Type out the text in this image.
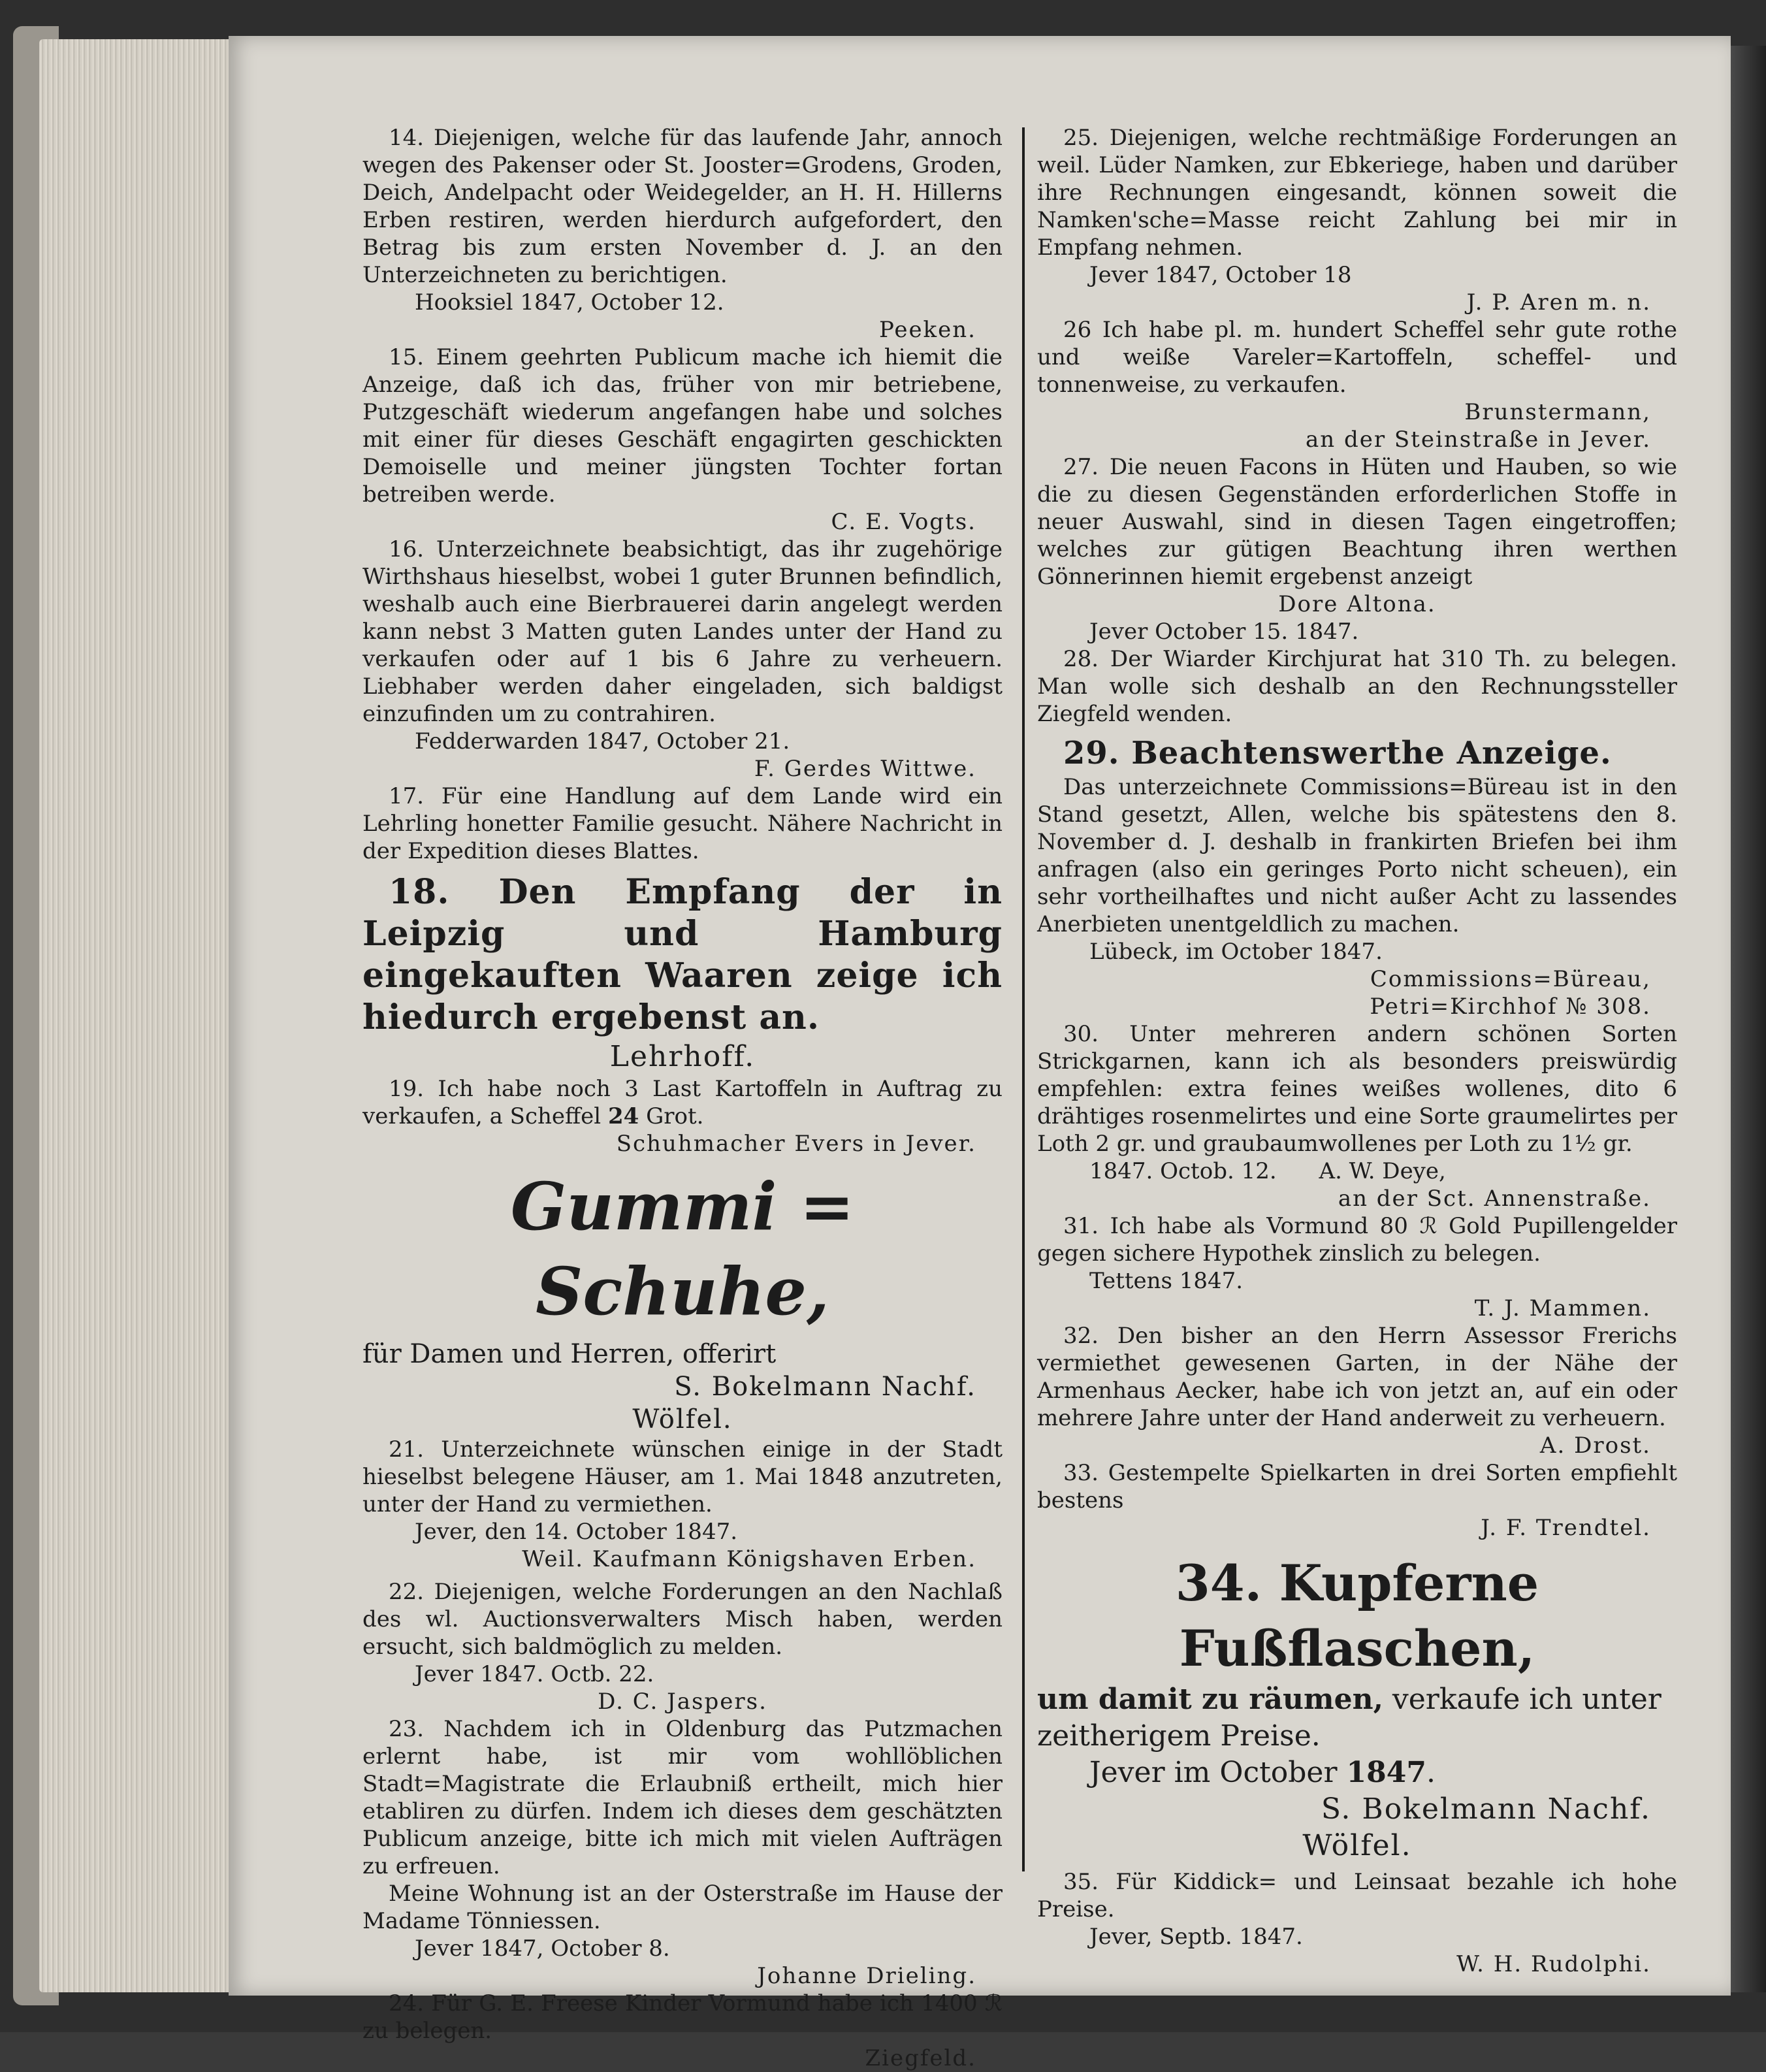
14. Diejenigen, welche für das laufende Jahr, annoch wegen des Pakenser oder St. Jooster=Grodens, Groden, Deich, Andelpacht oder Weidegelder, an H. H. Hillerns Erben restiren, werden hierdurch aufgefordert, den Betrag bis zum ersten November d. J. an den Unterzeichneten zu berichtigen.

Hooksiel 1847, October 12.

Peeken.

15. Einem geehrten Publicum mache ich hiemit die Anzeige, daß ich das, früher von mir betriebene, Putzgeschäft wiederum angefangen habe und solches mit einer für dieses Geschäft engagirten geschickten Demoiselle und meiner jüngsten Tochter fortan betreiben werde.

C. E. Vogts.

16. Unterzeichnete beabsichtigt, das ihr zugehörige Wirthshaus hieselbst, wobei 1 guter Brunnen befindlich, weshalb auch eine Bierbrauerei darin angelegt werden kann nebst 3 Matten guten Landes unter der Hand zu verkaufen oder auf 1 bis 6 Jahre zu verheuern. Liebhaber werden daher eingeladen, sich baldigst einzufinden um zu contrahiren.

Fedderwarden 1847, October 21.

F. Gerdes Wittwe.

17. Für eine Handlung auf dem Lande wird ein Lehrling honetter Familie gesucht. Nähere Nachricht in der Expedition dieses Blattes.

18. Den Empfang der in Leipzig und Hamburg eingekauften Waaren zeige ich hiedurch ergebenst an.

Lehrhoff.

19. Ich habe noch 3 Last Kartoffeln in Auftrag zu verkaufen, a Scheffel 24 Grot.

Schuhmacher Evers in Jever.

Gummi = Schuhe,

für Damen und Herren, offerirt

S. Bokelmann Nachf.

Wölfel.

21. Unterzeichnete wünschen einige in der Stadt hieselbst belegene Häuser, am 1. Mai 1848 anzutreten, unter der Hand zu vermiethen.

Jever, den 14. October 1847.

Weil. Kaufmann Königshaven Erben.

22. Diejenigen, welche Forderungen an den Nachlaß des wl. Auctionsverwalters Misch haben, werden ersucht, sich baldmöglich zu melden.

Jever 1847. Octb. 22.

D. C. Jaspers.

23. Nachdem ich in Oldenburg das Putzmachen erlernt habe, ist mir vom wohllöblichen Stadt=Magistrate die Erlaubniß ertheilt, mich hier etabliren zu dürfen. Indem ich dieses dem geschätzten Publicum anzeige, bitte ich mich mit vielen Aufträgen zu erfreuen.

Meine Wohnung ist an der Osterstraße im Hause der Madame Tönniessen.

Jever 1847, October 8.

Johanne Drieling.

24. Für G. E. Freese Kinder Vormund habe ich 1400 ℛ zu belegen.

Ziegfeld.

25. Diejenigen, welche rechtmäßige Forderungen an weil. Lüder Namken, zur Ebkeriege, haben und darüber ihre Rechnungen eingesandt, können soweit die Namken'sche=Masse reicht Zahlung bei mir in Empfang nehmen.

Jever 1847, October 18

J. P. Aren m. n.

26 Ich habe pl. m. hundert Scheffel sehr gute rothe und weiße Vareler=Kartoffeln, scheffel- und tonnenweise, zu verkaufen.

Brunstermann,

an der Steinstraße in Jever.

27. Die neuen Facons in Hüten und Hauben, so wie die zu diesen Gegenständen erforderlichen Stoffe in neuer Auswahl, sind in diesen Tagen eingetroffen; welches zur gütigen Beachtung ihren werthen Gönnerinnen hiemit ergebenst anzeigt

Dore Altona.

Jever October 15. 1847.

28. Der Wiarder Kirchjurat hat 310 Th. zu belegen. Man wolle sich deshalb an den Rechnungssteller Ziegfeld wenden.

29. Beachtenswerthe Anzeige.

Das unterzeichnete Commissions=Büreau ist in den Stand gesetzt, Allen, welche bis spätestens den 8. November d. J. deshalb in frankirten Briefen bei ihm anfragen (also ein geringes Porto nicht scheuen), ein sehr vortheilhaftes und nicht außer Acht zu lassendes Anerbieten unentgeldlich zu machen.

Lübeck, im October 1847.

Commissions=Büreau,

Petri=Kirchhof № 308.

30. Unter mehreren andern schönen Sorten Strickgarnen, kann ich als besonders preiswürdig empfehlen: extra feines weißes wollenes, dito 6 drähtiges rosenmelirtes und eine Sorte graumelirtes per Loth 2 gr. und graubaumwollenes per Loth zu 1½ gr.

1847. Octob. 12. A. W. Deye,

an der Sct. Annenstraße.

31. Ich habe als Vormund 80 ℛ Gold Pupillengelder gegen sichere Hypothek zinslich zu belegen.

Tettens 1847.

T. J. Mammen.

32. Den bisher an den Herrn Assessor Frerichs vermiethet gewesenen Garten, in der Nähe der Armenhaus Aecker, habe ich von jetzt an, auf ein oder mehrere Jahre unter der Hand anderweit zu verheuern.

A. Drost.

33. Gestempelte Spielkarten in drei Sorten empfiehlt bestens

J. F. Trendtel.

34. Kupferne Fußflaschen,

um damit zu räumen, verkaufe ich unter zeitherigem Preise.

Jever im October 1847.

S. Bokelmann Nachf.

Wölfel.

35. Für Kiddick= und Leinsaat bezahle ich hohe Preise.

Jever, Septb. 1847.

W. H. Rudolphi.
